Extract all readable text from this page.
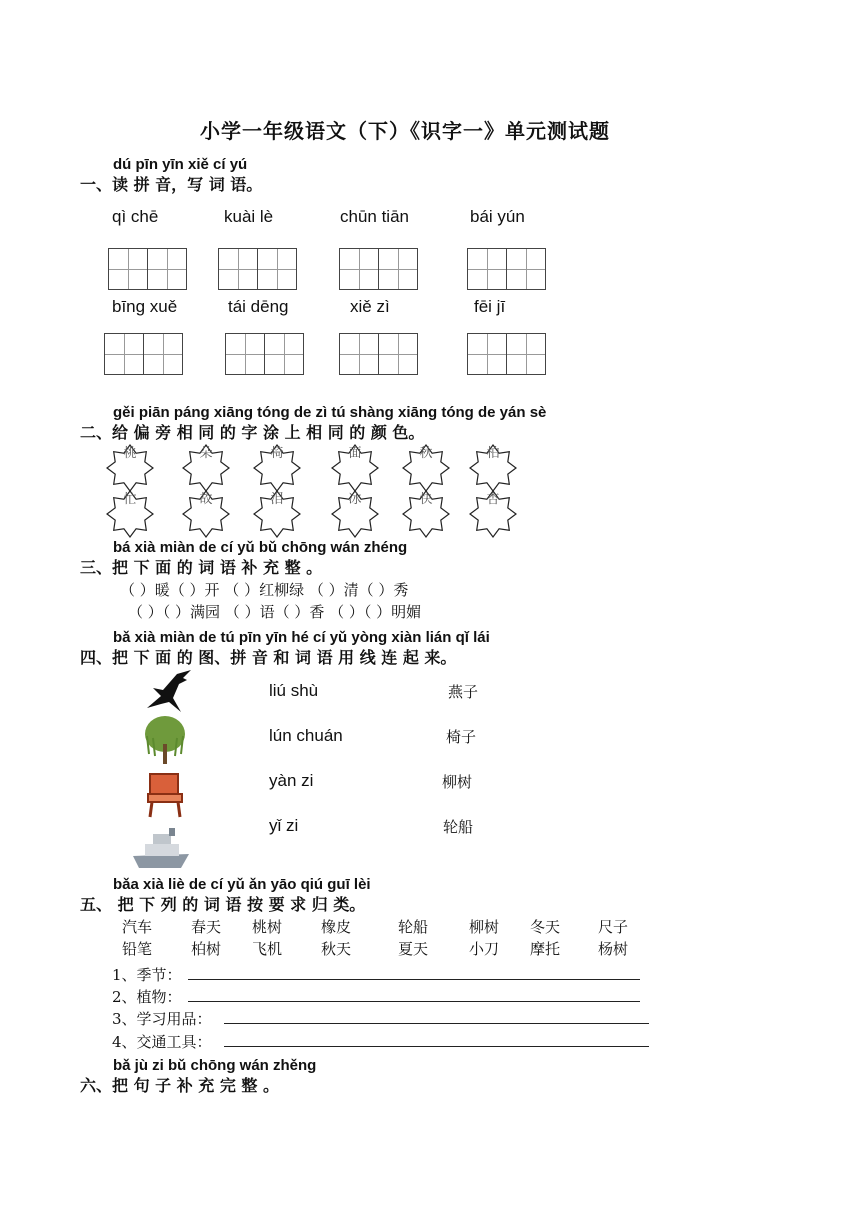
小学一年级语文（下）《识字一》单元测试题
dú pīn yīn xiě cí yú
一、读 拼 音，写 词 语。
qì chē	kuài lè	chūn tiān	bái yún
bīng xuě	tái dēng	xiě zì	fēi jī
gěi piān páng xiāng tóng de zì tú shàng xiāng tóng de yán sè
二、给 偏 旁 相 同 的 字 涂 上 相 同 的 颜 色。
桃	朵	椅	面	秋	柏
忙	故	泪	冰	快	杏
bá xià miàn de cí yǔ bǔ chōng wán zhéng
三、把 下 面 的 词 语 补 充 整 。
（ ）暖（ ）开 （ ）红柳绿 （ ）清（ ）秀
（ ）（ ）满园 （ ）语（ ）香 （ ）（ ）明媚
bǎ xià miàn de tú pīn yīn hé cí yǔ yòng xiàn lián qǐ lái
四、把 下 面 的 图、拼 音 和 词 语 用 线 连 起 来。
liú shù
lún chuán
yàn zi
yǐ zi
燕子
椅子
柳树
轮船
bǎa xià liè de cí yǔ ǎn yāo qiú guī lèi
五、 把 下 列 的 词 语 按 要 求 归 类。
汽车	春天 桃树	橡皮	轮船	柳树 冬天	尺子
铅笔	柏树 飞机	秋天	夏天	小刀 摩托	杨树
1、季节：
2、植物：
3、学习用品：
4、交通工具：
bǎ jù zi bǔ chōng wán zhěng
六、把 句 子 补 充 完 整 。
